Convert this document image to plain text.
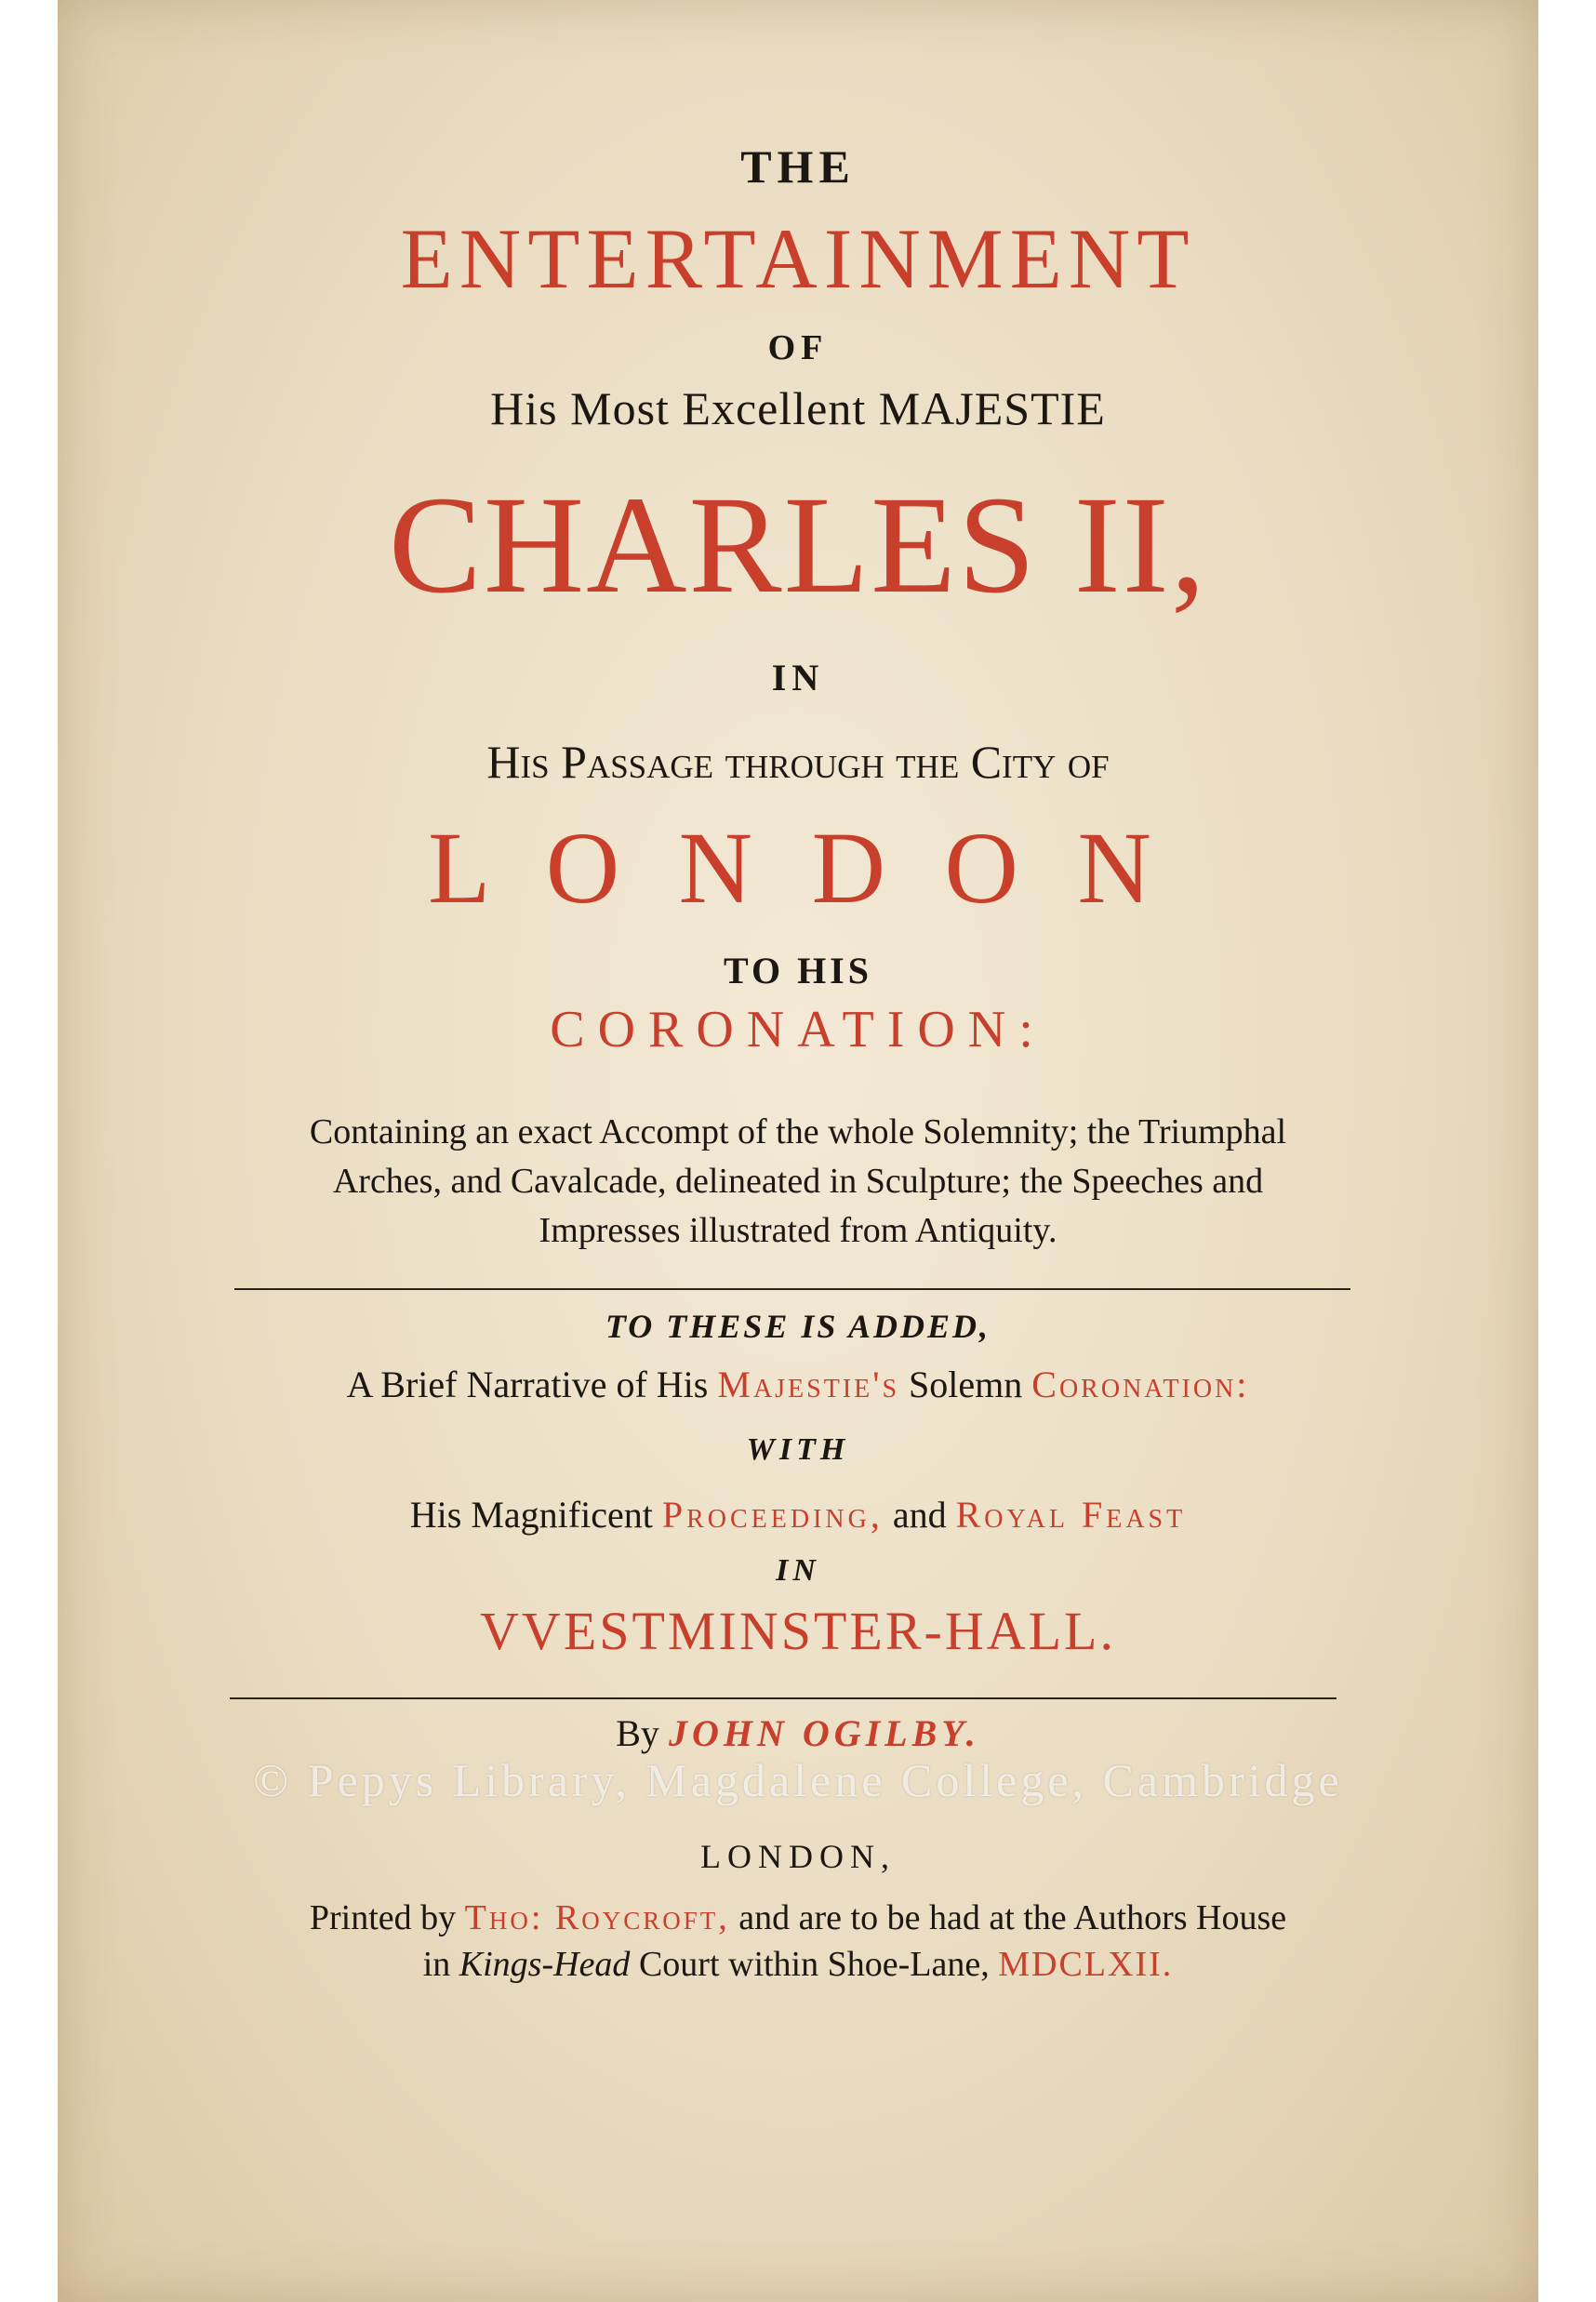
THE
ENTERTAINMENT
OF
His Most Excellent MAJESTIE
CHARLES II,
IN
His Passage through the City of
L O N D O N
TO HIS
CORONATION:
Containing an exact Accompt of the whole Solemnity; the Triumphal
Arches, and Cavalcade, delineated in Sculpture; the Speeches and
Impresses illustrated from Antiquity.
TO THESE IS ADDED,
A Brief Narrative of His Majestie's Solemn Coronation:
WITH
His Magnificent Proceeding, and Royal Feast
IN
VVESTMINSTER-HALL.
By JOHN OGILBY.
LONDON,
Printed by Tho: Roycroft, and are to be had at the Authors House
in Kings-Head Court within Shoe-Lane, MDCLXII.
© Pepys Library, Magdalene College, Cambridge
